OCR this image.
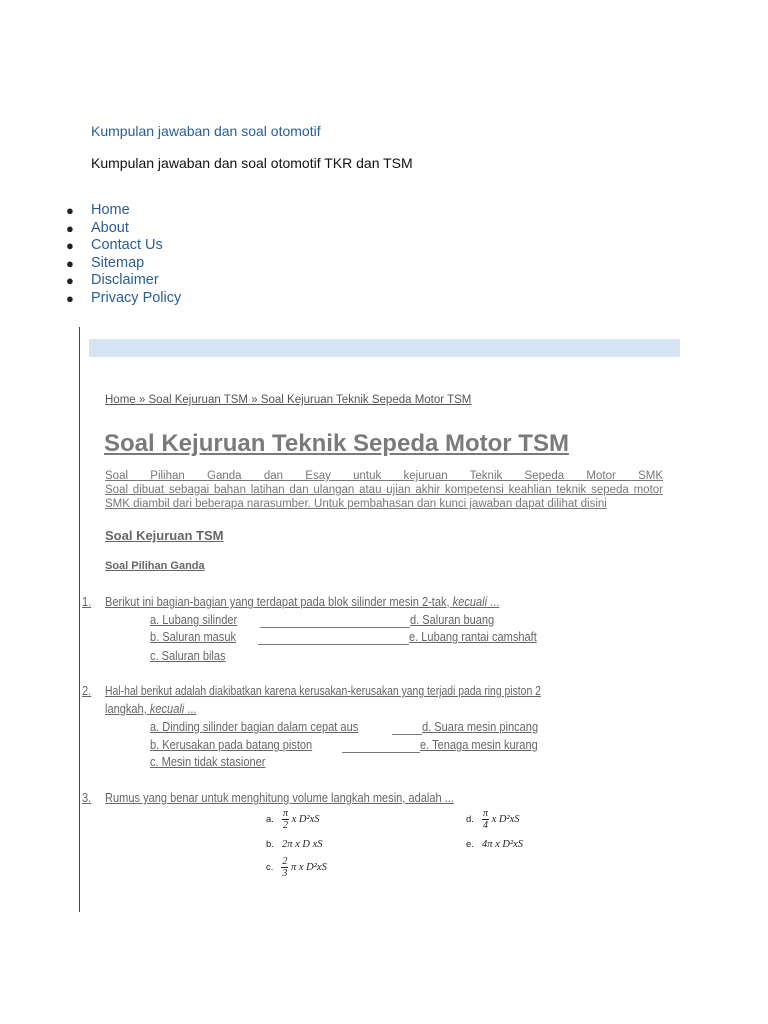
Kumpulan jawaban dan soal otomotif
Kumpulan jawaban dan soal otomotif TKR dan TSM
● Home
● About
● Contact Us
● Sitemap
● Disclaimer
● Privacy Policy
Home » Soal Kejuruan TSM » Soal Kejuruan Teknik Sepeda Motor TSM
Soal Kejuruan Teknik Sepeda Motor TSM
Soal Pilihan Ganda dan Esay untuk kejuruan Teknik Sepeda Motor SMK
Soal dibuat sebagai bahan latihan dan ulangan atau ujian akhir kompetensi keahlian teknik sepeda motor SMK diambil dari beberapa narasumber. Untuk pembahasan dan kunci jawaban dapat dilihat disini
Soal Kejuruan TSM
Soal Pilihan Ganda
1. Berikut ini bagian-bagian yang terdapat pada blok silinder mesin 2-tak, kecuali ...
a. Lubang silinder
b. Saluran masuk
c. Saluran bilas
d. Saluran buang
e. Lubang rantai camshaft
2. Hal-hal berikut adalah diakibatkan karena kerusakan-kerusakan yang terjadi pada ring piston 2
langkah, kecuali ...
a. Dinding silinder bagian dalam cepat aus
b. Kerusakan pada batang piston
c. Mesin tidak stasioner
d. Suara mesin pincang
e. Tenaga mesin kurang
3. Rumus yang benar untuk menghitung volume langkah mesin, adalah ...
a. $\frac{\pi}{2}$ x D²xS
b. 2π x D xS
c. $\frac{2}{3}$ π x D²xS
d. $\frac{\pi}{4}$ x D²xS
e. 4π x D²xS
